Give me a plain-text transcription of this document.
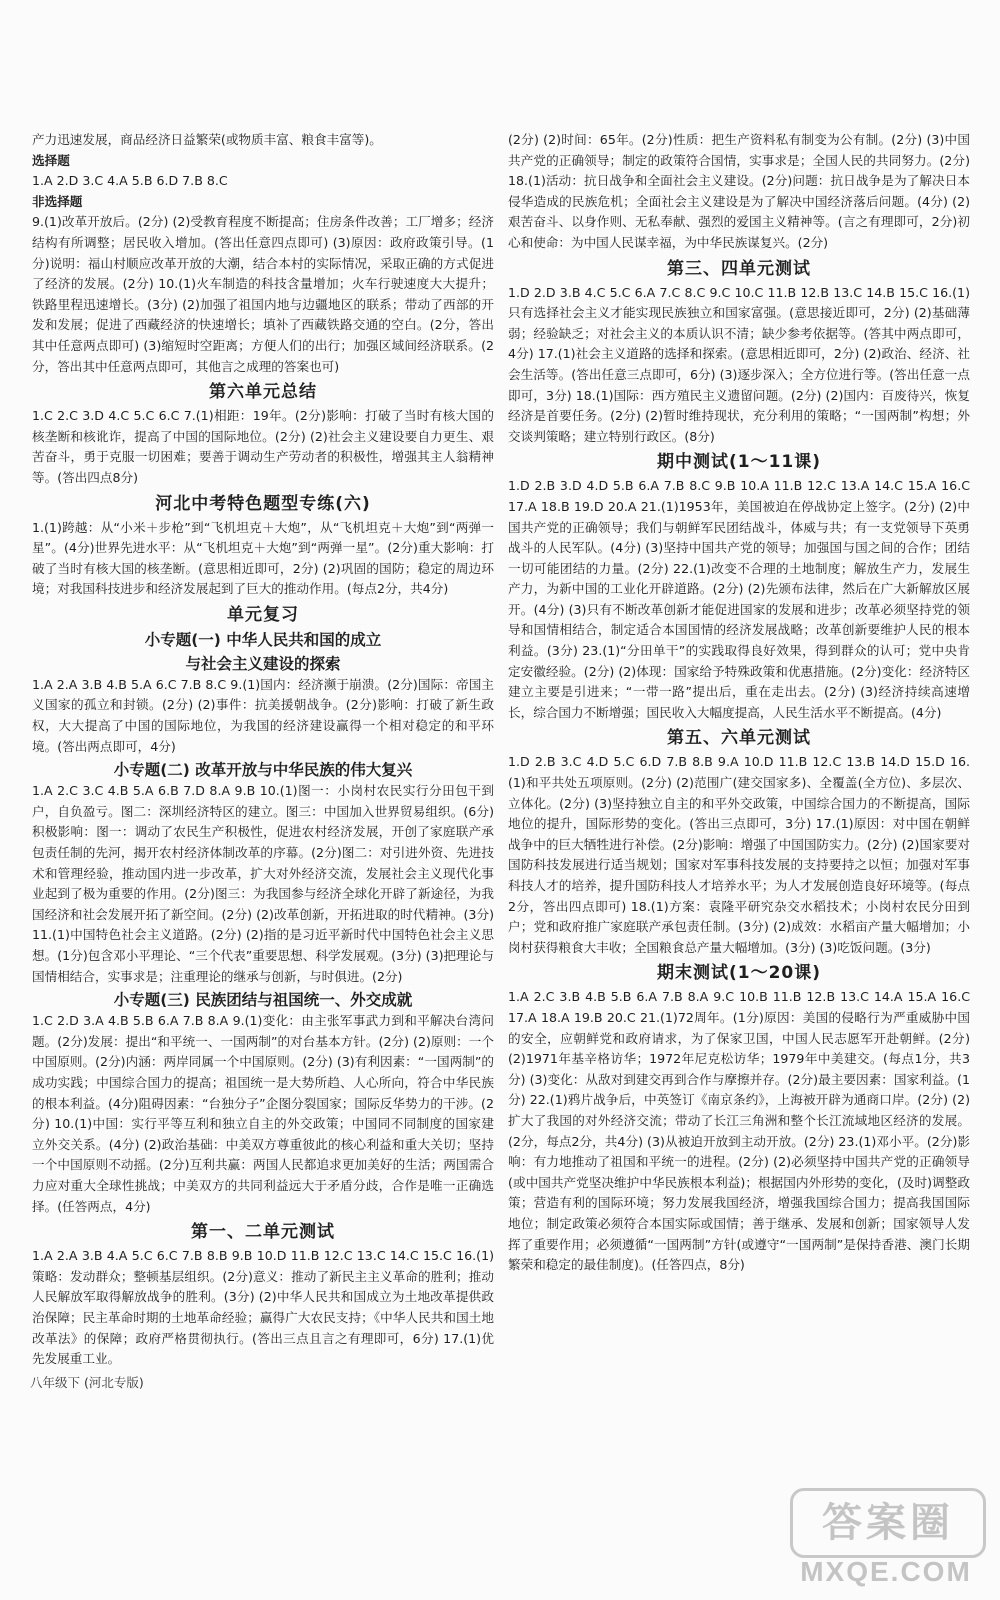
产力迅速发展，商品经济日益繁荣(或物质丰富、粮食丰富等)。

选择题

1.A 2.D 3.C 4.A 5.B 6.D 7.B 8.C

非选择题

9.(1)改革开放后。(2分) (2)受教育程度不断提高；住房条件改善；工厂增多；经济结构有所调整；居民收入增加。(答出任意四点即可) (3)原因：政府政策引导。(1分)说明：福山村顺应改革开放的大潮，结合本村的实际情况，采取正确的方式促进了经济的发展。(2分) 10.(1)火车制造的科技含量增加；火车行驶速度大大提升；铁路里程迅速增长。(3分) (2)加强了祖国内地与边疆地区的联系；带动了西部的开发和发展；促进了西藏经济的快速增长；填补了西藏铁路交通的空白。(2分，答出其中任意两点即可) (3)缩短时空距离；方便人们的出行；加强区域间经济联系。(2分，答出其中任意两点即可，其他言之成理的答案也可)

第六单元总结

1.C 2.C 3.D 4.C 5.C 6.C 7.(1)相距：19年。(2分)影响：打破了当时有核大国的核垄断和核讹诈，提高了中国的国际地位。(2分) (2)社会主义建设要自力更生、艰苦奋斗，勇于克服一切困难；要善于调动生产劳动者的积极性，增强其主人翁精神等。(答出四点8分)

河北中考特色题型专练(六)

1.(1)跨越：从“小米＋步枪”到“飞机坦克＋大炮”，从“飞机坦克＋大炮”到“两弹一星”。(4分)世界先进水平：从“飞机坦克＋大炮”到“两弹一星”。(2分)重大影响：打破了当时有核大国的核垄断。(意思相近即可，2分) (2)巩固的国防；稳定的周边环境；对我国科技进步和经济发展起到了巨大的推动作用。(每点2分，共4分)

单元复习
小专题(一) 中华人民共和国的成立
与社会主义建设的探索

1.A 2.A 3.B 4.B 5.A 6.C 7.B 8.C 9.(1)国内：经济濒于崩溃。(2分)国际：帝国主义国家的孤立和封锁。(2分) (2)事件：抗美援朝战争。(2分)影响：打破了新生政权，大大提高了中国的国际地位，为我国的经济建设赢得一个相对稳定的和平环境。(答出两点即可，4分)

小专题(二) 改革开放与中华民族的伟大复兴

1.A 2.C 3.C 4.B 5.A 6.B 7.D 8.A 9.B 10.(1)图一：小岗村农民实行分田包干到户，自负盈亏。图二：深圳经济特区的建立。图三：中国加入世界贸易组织。(6分)积极影响：图一：调动了农民生产积极性，促进农村经济发展，开创了家庭联产承包责任制的先河，揭开农村经济体制改革的序幕。(2分)图二：对引进外资、先进技术和管理经验，推动国内进一步改革，扩大对外经济交流，发展社会主义现代化事业起到了极为重要的作用。(2分)图三：为我国参与经济全球化开辟了新途径，为我国经济和社会发展开拓了新空间。(2分) (2)改革创新，开拓进取的时代精神。(3分) 11.(1)中国特色社会主义道路。(2分) (2)指的是习近平新时代中国特色社会主义思想。(1分)包含邓小平理论、“三个代表”重要思想、科学发展观。(3分) (3)把理论与国情相结合，实事求是；注重理论的继承与创新，与时俱进。(2分)

小专题(三) 民族团结与祖国统一、外交成就

1.C 2.D 3.A 4.B 5.B 6.A 7.B 8.A 9.(1)变化：由主张军事武力到和平解决台湾问题。(2分)发展：提出“和平统一、一国两制”的对台基本方针。(2分) (2)原则：一个中国原则。(2分)内涵：两岸同属一个中国原则。(2分) (3)有利因素：“一国两制”的成功实践；中国综合国力的提高；祖国统一是大势所趋、人心所向，符合中华民族的根本利益。(4分)阻碍因素：“台独分子”企图分裂国家；国际反华势力的干涉。(2分) 10.(1)中国：实行平等互利和独立自主的外交政策；中国同不同制度的国家建立外交关系。(4分) (2)政治基础：中美双方尊重彼此的核心利益和重大关切；坚持一个中国原则不动摇。(2分)互利共赢：两国人民都追求更加美好的生活；两国需合力应对重大全球性挑战；中美双方的共同利益远大于矛盾分歧，合作是唯一正确选择。(任答两点，4分)

第一、二单元测试

1.A 2.A 3.B 4.A 5.C 6.C 7.B 8.B 9.B 10.D 11.B 12.C 13.C 14.C 15.C 16.(1)策略：发动群众；整顿基层组织。(2分)意义：推动了新民主主义革命的胜利；推动人民解放军取得解放战争的胜利。(3分) (2)中华人民共和国成立为土地改革提供政治保障；民主革命时期的土地革命经验；赢得广大农民支持；《中华人民共和国土地改革法》的保障；政府严格贯彻执行。(答出三点且言之有理即可，6分) 17.(1)优先发展重工业。

(2分) (2)时间：65年。(2分)性质：把生产资料私有制变为公有制。(2分) (3)中国共产党的正确领导；制定的政策符合国情，实事求是；全国人民的共同努力。(2分) 18.(1)活动：抗日战争和全面社会主义建设。(2分)问题：抗日战争是为了解决日本侵华造成的民族危机；全面社会主义建设是为了解决中国经济落后问题。(4分) (2)艰苦奋斗、以身作则、无私奉献、强烈的爱国主义精神等。(言之有理即可，2分)初心和使命：为中国人民谋幸福，为中华民族谋复兴。(2分)

第三、四单元测试

1.D 2.D 3.B 4.C 5.C 6.A 7.C 8.C 9.C 10.C 11.B 12.B 13.C 14.B 15.C 16.(1)只有选择社会主义才能实现民族独立和国家富强。(意思接近即可，2分) (2)基础薄弱；经验缺乏；对社会主义的本质认识不清；缺少参考依据等。(答其中两点即可，4分) 17.(1)社会主义道路的选择和探索。(意思相近即可，2分) (2)政治、经济、社会生活等。(答出任意三点即可，6分) (3)逐步深入；全方位进行等。(答出任意一点即可，3分) 18.(1)国际：西方殖民主义遗留问题。(2分) (2)国内：百废待兴，恢复经济是首要任务。(2分) (2)暂时维持现状，充分利用的策略；“一国两制”构想；外交谈判策略；建立特别行政区。(8分)

期中测试(1～11课)

1.D 2.B 3.D 4.D 5.B 6.A 7.B 8.C 9.B 10.A 11.B 12.C 13.A 14.C 15.A 16.C 17.A 18.B 19.D 20.A 21.(1)1953年，美国被迫在停战协定上签字。(2分) (2)中国共产党的正确领导；我们与朝鲜军民团结战斗，体威与共；有一支党领导下英勇战斗的人民军队。(4分) (3)坚持中国共产党的领导；加强国与国之间的合作；团结一切可能团结的力量。(2分) 22.(1)改变不合理的土地制度；解放生产力，发展生产力，为新中国的工业化开辟道路。(2分) (2)先颁布法律，然后在广大新解放区展开。(4分) (3)只有不断改革创新才能促进国家的发展和进步；改革必须坚持党的领导和国情相结合，制定适合本国国情的经济发展战略；改革创新要维护人民的根本利益。(3分) 23.(1)“分田单干”的实践取得良好效果，得到群众的认可；党中央肯定安徽经验。(2分) (2)体现：国家给予特殊政策和优惠措施。(2分)变化：经济特区建立主要是引进来；“一带一路”提出后，重在走出去。(2分) (3)经济持续高速增长，综合国力不断增强；国民收入大幅度提高，人民生活水平不断提高。(4分)

第五、六单元测试

1.D 2.B 3.C 4.D 5.C 6.D 7.B 8.B 9.A 10.D 11.B 12.C 13.B 14.D 15.D 16.(1)和平共处五项原则。(2分) (2)范围广(建交国家多)、全覆盖(全方位)、多层次、立体化。(2分) (3)坚持独立自主的和平外交政策，中国综合国力的不断提高，国际地位的提升，国际形势的变化。(答出三点即可，3分) 17.(1)原因：对中国在朝鲜战争中的巨大牺牲进行补偿。(2分)影响：增强了中国国防实力。(2分) (2)国家要对国防科技发展进行适当规划；国家对军事科技发展的支持要持之以恒；加强对军事科技人才的培养，提升国防科技人才培养水平；为人才发展创造良好环境等。(每点2分，答出四点即可) 18.(1)方案：袁隆平研究杂交水稻技术；小岗村农民分田到户；党和政府推广家庭联产承包责任制。(3分) (2)成效：水稻亩产量大幅增加；小岗村获得粮食大丰收；全国粮食总产量大幅增加。(3分) (3)吃饭问题。(3分)

期末测试(1～20课)

1.A 2.C 3.B 4.B 5.B 6.A 7.B 8.A 9.C 10.B 11.B 12.B 13.C 14.A 15.A 16.C 17.A 18.A 19.B 20.C 21.(1)72周年。(1分)原因：美国的侵略行为严重威胁中国的安全，应朝鲜党和政府请求，为了保家卫国，中国人民志愿军开赴朝鲜。(2分) (2)1971年基辛格访华；1972年尼克松访华；1979年中美建交。(每点1分，共3分) (3)变化：从敌对到建交再到合作与摩擦并存。(2分)最主要因素：国家利益。(1分) 22.(1)鸦片战争后，中英签订《南京条约》，上海被开辟为通商口岸。(2分) (2)扩大了我国的对外经济交流；带动了长江三角洲和整个长江流域地区经济的发展。(2分，每点2分，共4分) (3)从被迫开放到主动开放。(2分) 23.(1)邓小平。(2分)影响：有力地推动了祖国和平统一的进程。(2分) (2)必须坚持中国共产党的正确领导(或中国共产党坚决维护中华民族根本利益)；根据国内外形势的变化，(及时)调整政策；营造有利的国际环境；努力发展我国经济，增强我国综合国力；提高我国国际地位；制定政策必须符合本国实际或国情；善于继承、发展和创新；国家领导人发挥了重要作用；必须遵循“一国两制”方针(或遵守“一国两制”是保持香港、澳门长期繁荣和稳定的最佳制度)。(任答四点，8分)

八年级下 (河北专版)
答案圈
MXQE.COM
